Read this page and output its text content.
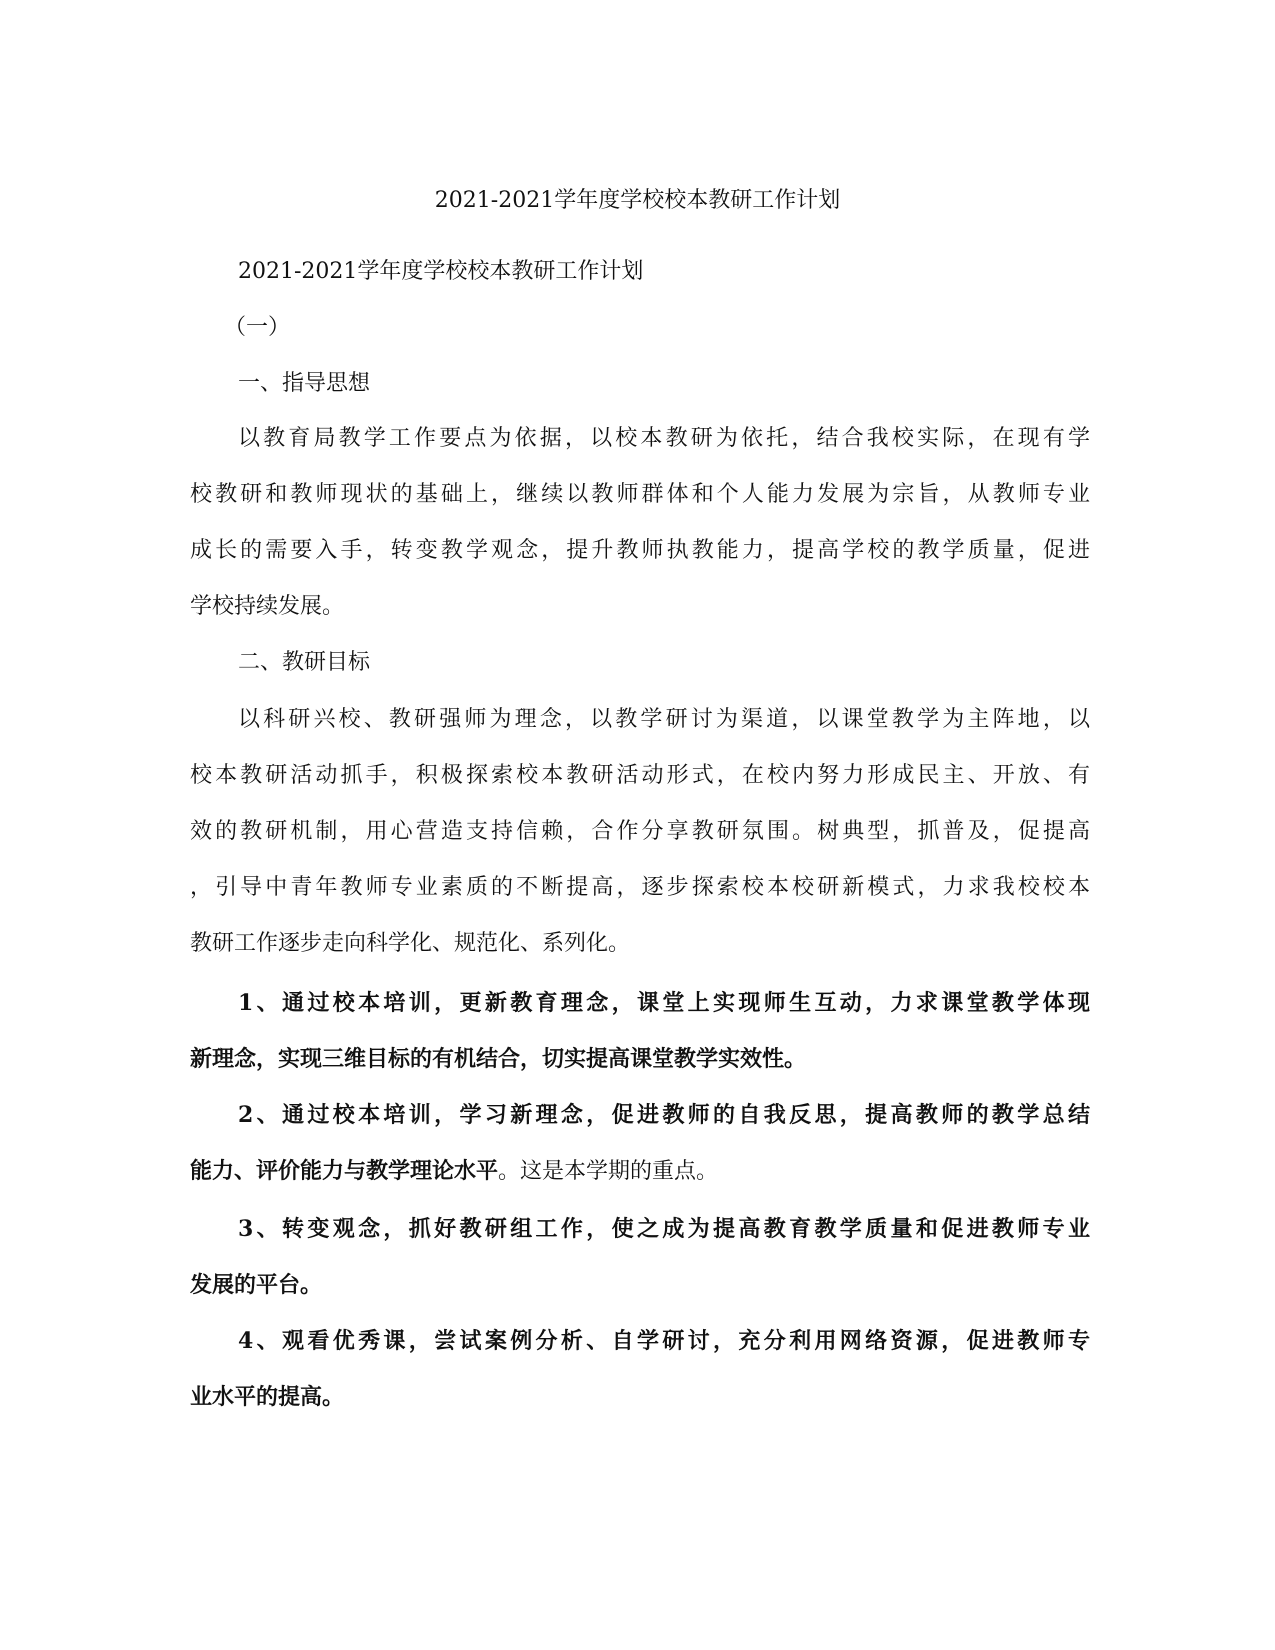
2021-2021学年度学校校本教研工作计划
2021-2021学年度学校校本教研工作计划
（一）
一、指导思想
以教育局教学工作要点为依据，以校本教研为依托，结合我校实际，在现有学
校教研和教师现状的基础上，继续以教师群体和个人能力发展为宗旨，从教师专业
成长的需要入手，转变教学观念，提升教师执教能力，提高学校的教学质量，促进
学校持续发展。
二、教研目标
以科研兴校、教研强师为理念，以教学研讨为渠道，以课堂教学为主阵地，以
校本教研活动抓手，积极探索校本教研活动形式，在校内努力形成民主、开放、有
效的教研机制，用心营造支持信赖，合作分享教研氛围。树典型，抓普及，促提高
，引导中青年教师专业素质的不断提高，逐步探索校本校研新模式，力求我校校本
教研工作逐步走向科学化、规范化、系列化。
1、通过校本培训，更新教育理念，课堂上实现师生互动，力求课堂教学体现
新理念，实现三维目标的有机结合，切实提高课堂教学实效性。
2、通过校本培训，学习新理念，促进教师的自我反思，提高教师的教学总结
能力、评价能力与教学理论水平。这是本学期的重点。
3、转变观念，抓好教研组工作，使之成为提高教育教学质量和促进教师专业
发展的平台。
4、观看优秀课，尝试案例分析、自学研讨，充分利用网络资源，促进教师专
业水平的提高。
